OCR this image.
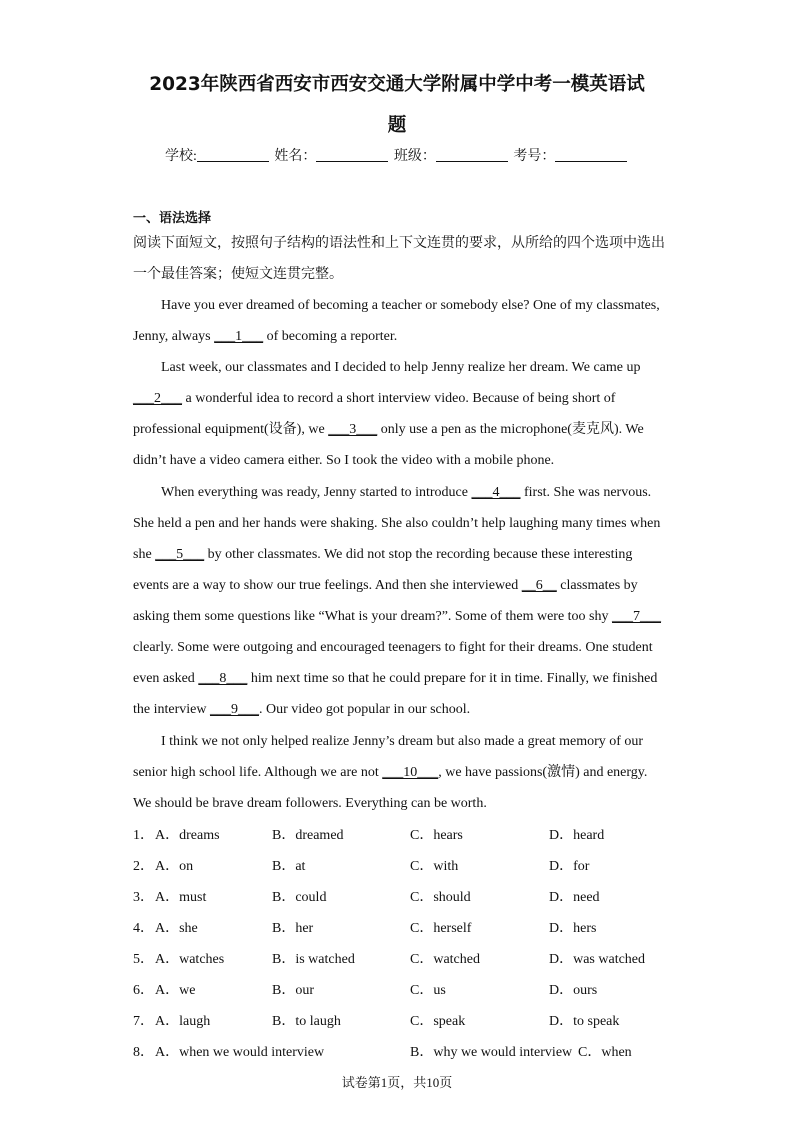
2023年陕西省西安市西安交通大学附属中学中考一模英语试
题
学校:	姓名：	班级：	考号：
一、语法选择
阅读下面短文，按照句子结构的语法性和上下文连贯的要求，从所给的四个选项中选出一个最佳答案；使短文连贯完整。
Have you ever dreamed of becoming a teacher or somebody else? One of my classmates, Jenny, always ___1___ of becoming a reporter.
Last week, our classmates and I decided to help Jenny realize her dream. We came up ___2___ a wonderful idea to record a short interview video. Because of being short of professional equipment(设备), we ___3___ only use a pen as the microphone(麦克风). We didn’t have a video camera either. So I took the video with a mobile phone.
When everything was ready, Jenny started to introduce ___4___ first. She was nervous. She held a pen and her hands were shaking. She also couldn’t help laughing many times when she ___5___ by other classmates. We did not stop the recording because these interesting events are a way to show our true feelings. And then she interviewed __6__ classmates by asking them some questions like “What is your dream?”. Some of them were too shy ___7___ clearly. Some were outgoing and encouraged teenagers to fight for their dreams. One student even asked ___8___ him next time so that he could prepare for it in time. Finally, we finished the interview ___9___. Our video got popular in our school.
I think we not only helped realize Jenny’s dream but also made a great memory of our senior high school life. Although we are not ___10___, we have passions(激情) and energy. We should be brave dream followers. Everything can be worth.
1． A．dreams	B．dreamed	C．hears	D．heard
2． A．on	B．at	C．with	D．for
3． A．must	B．could	C．should	D．need
4． A．she	B．her	C．herself	D．hers
5． A．watches	B．is watched	C．watched	D．was watched
6． A．we	B．our	C．us	D．ours
7． A．laugh	B．to laugh	C．speak	D．to speak
8． A．when we would interview	B．why we would interview C．when
试卷第1页，共10页
